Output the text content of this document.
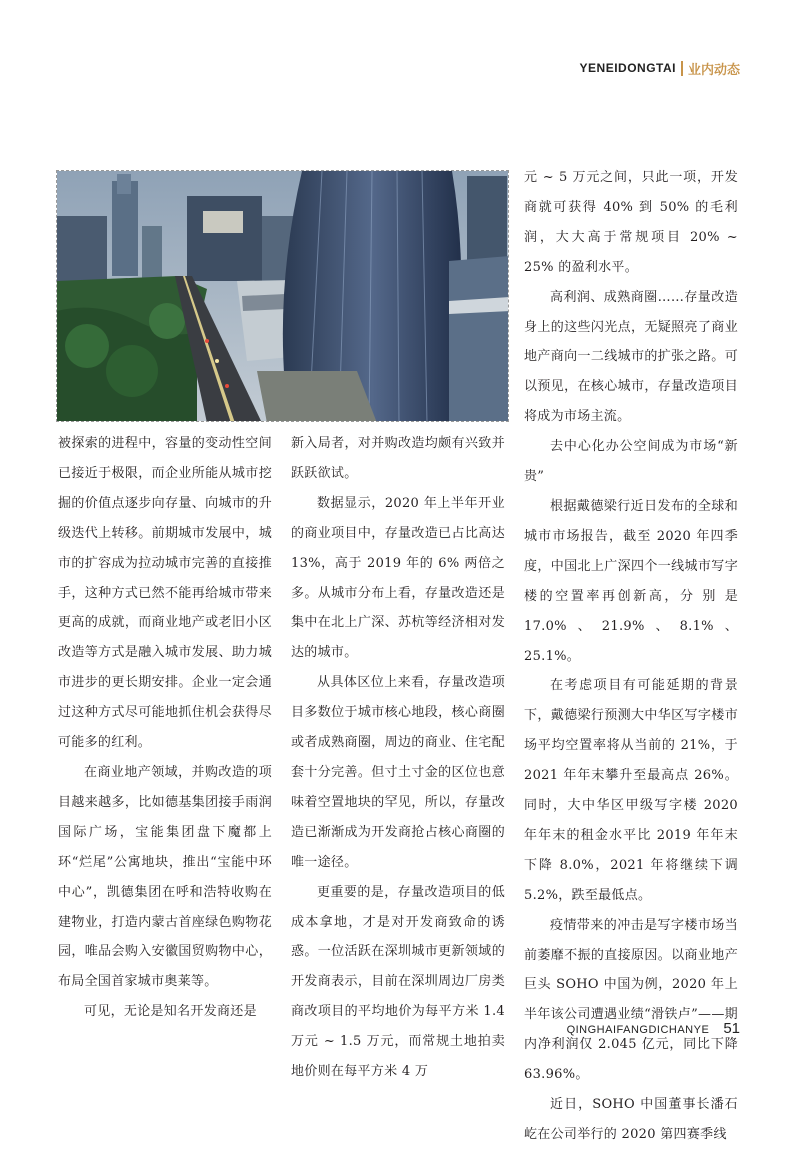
YENEIDONGTAI 业内动态

被探索的进程中，容量的变动性空间已接近于极限，而企业所能从城市挖掘的价值点逐步向存量、向城市的升级迭代上转移。前期城市发展中，城市的扩容成为拉动城市完善的直接推手，这种方式已然不能再给城市带来更高的成就，而商业地产或老旧小区改造等方式是融入城市发展、助力城市进步的更长期安排。企业一定会通过这种方式尽可能地抓住机会获得尽可能多的红利。

在商业地产领域，并购改造的项目越来越多，比如德基集团接手雨润国际广场，宝能集团盘下魔都上环“烂尾”公寓地块，推出“宝能中环中心”，凯德集团在呼和浩特收购在建物业，打造内蒙古首座绿色购物花园，唯品会购入安徽国贸购物中心，布局全国首家城市奥莱等。

可见，无论是知名开发商还是

新入局者，对并购改造均颇有兴致并跃跃欲试。

数据显示，2020 年上半年开业的商业项目中，存量改造已占比高达 13%，高于 2019 年的 6% 两倍之多。从城市分布上看，存量改造还是集中在北上广深、苏杭等经济相对发达的城市。

从具体区位上来看，存量改造项目多数位于城市核心地段，核心商圈或者成熟商圈，周边的商业、住宅配套十分完善。但寸土寸金的区位也意味着空置地块的罕见，所以，存量改造已渐渐成为开发商抢占核心商圈的唯一途径。

更重要的是，存量改造项目的低成本拿地，才是对开发商致命的诱惑。一位活跃在深圳城市更新领域的开发商表示，目前在深圳周边厂房类商改项目的平均地价为每平方米 1.4 万元 ~ 1.5 万元，而常规土地拍卖地价则在每平方米 4 万

元 ~ 5 万元之间，只此一项，开发商就可获得 40% 到 50% 的毛利润，大大高于常规项目 20% ~ 25% 的盈利水平。

高利润、成熟商圈……存量改造身上的这些闪光点，无疑照亮了商业地产商向一二线城市的扩张之路。可以预见，在核心城市，存量改造项目将成为市场主流。

去中心化办公空间成为市场“新贵”

根据戴德梁行近日发布的全球和城市市场报告，截至 2020 年四季度，中国北上广深四个一线城市写字楼的空置率再创新高，分 别 是 17.0%、21.9%、8.1%、25.1%。

在考虑项目有可能延期的背景下，戴德梁行预测大中华区写字楼市场平均空置率将从当前的 21%，于 2021 年年末攀升至最高点 26%。同时，大中华区甲级写字楼 2020 年年末的租金水平比 2019 年年末下降 8.0%，2021 年将继续下调 5.2%，跌至最低点。

疫情带来的冲击是写字楼市场当前萎靡不振的直接原因。以商业地产巨头 SOHO 中国为例，2020 年上半年该公司遭遇业绩“滑铁卢”——期内净利润仅 2.045 亿元，同比下降 63.96%。

近日，SOHO 中国董事长潘石屹在公司举行的 2020 第四赛季线

QINGHAIFANGDICHANYE 51
